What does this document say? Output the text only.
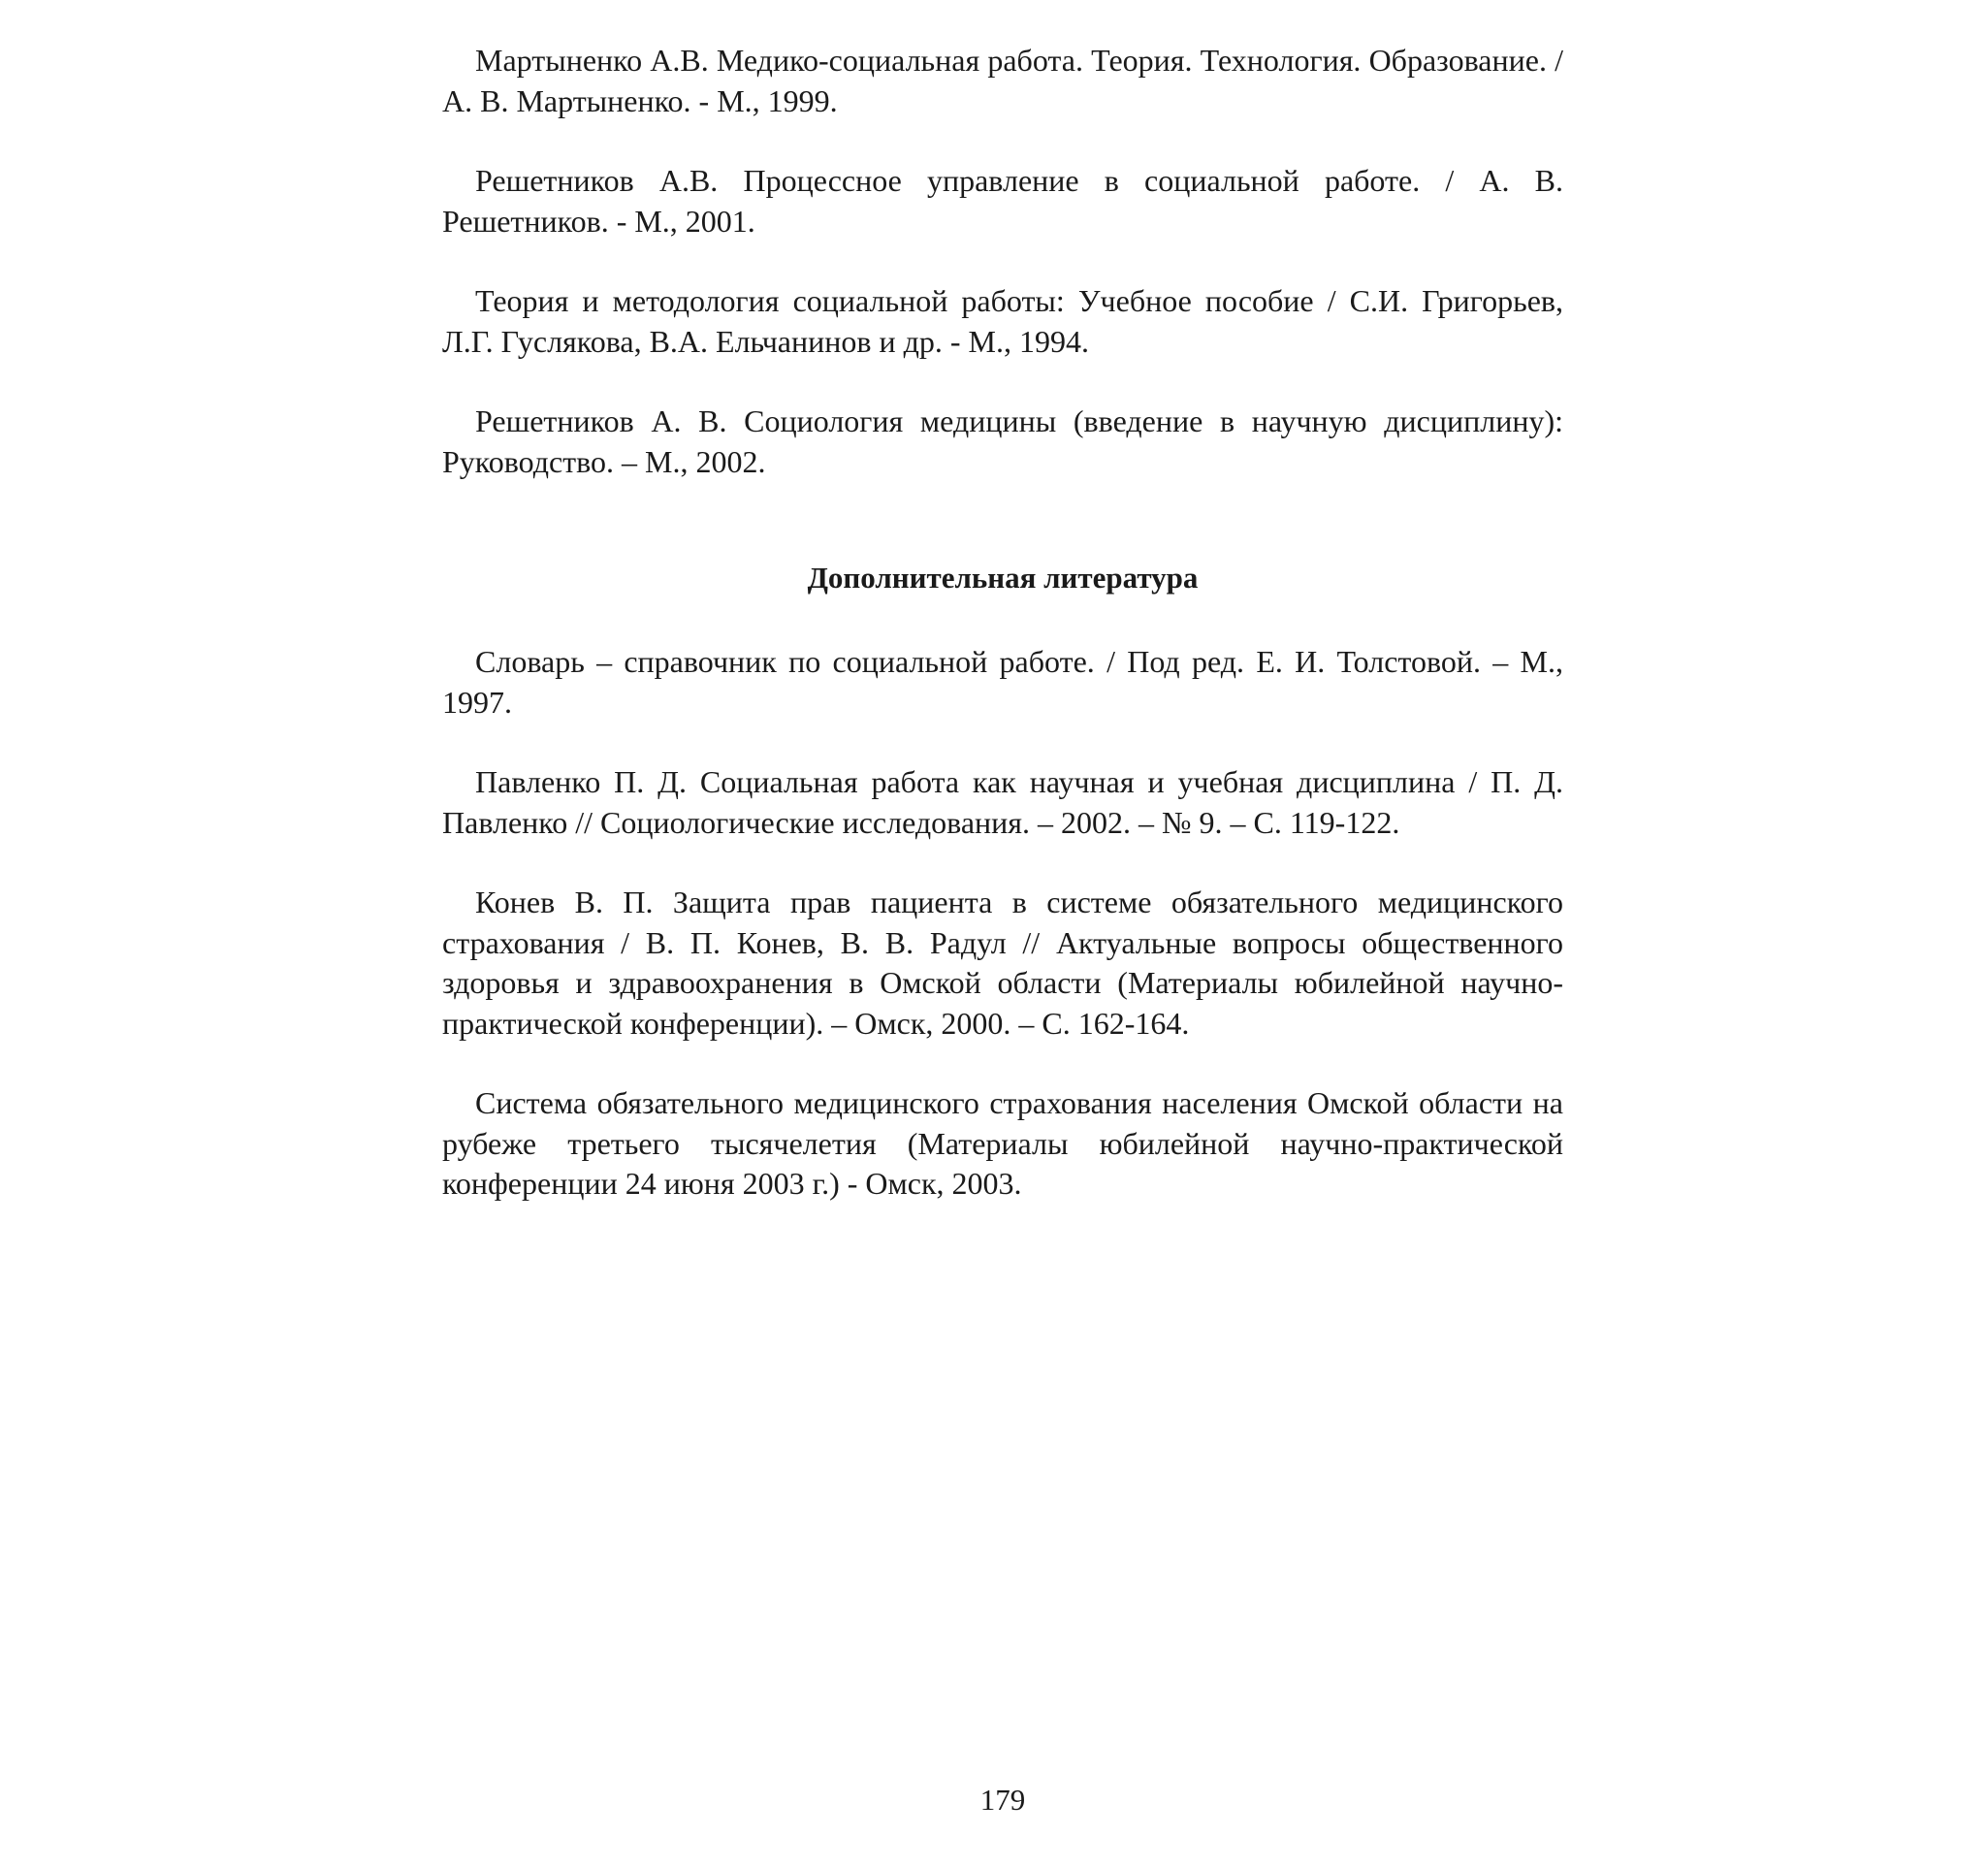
Мартыненко А.В. Медико-социальная работа. Теория. Технология. Образование. / А. В. Мартыненко. - М., 1999.

Решетников А.В. Процессное управление в социальной работе. / А. В. Решетников. - М., 2001.

Теория и методология социальной работы: Учебное пособие / С.И. Григорьев, Л.Г. Гуслякова, В.А. Ельчанинов и др. - М., 1994.

Решетников А. В. Социология медицины (введение в научную дисциплину): Руководство. – М., 2002.

Дополнительная литература

Словарь – справочник по социальной работе. / Под ред. Е. И. Толстовой. – М., 1997.

Павленко П. Д. Социальная работа как научная и учебная дисциплина / П. Д. Павленко // Социологические исследования. – 2002. – № 9. – С. 119-122.

Конев В. П. Защита прав пациента в системе обязательного медицинского страхования / В. П. Конев, В. В. Радул // Актуальные вопросы общественного здоровья и здравоохранения в Омской области (Материалы юбилейной научно-практической конференции). – Омск, 2000. – С. 162-164.

Система обязательного медицинского страхования населения Омской области на рубеже третьего тысячелетия (Материалы юбилейной научно-практической конференции 24 июня 2003 г.) - Омск, 2003.

179
